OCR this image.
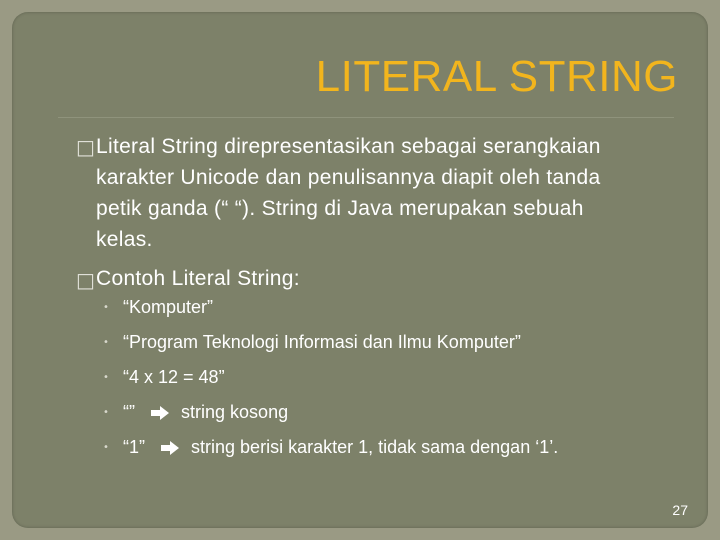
LITERAL STRING
□ Literal String direpresentasikan sebagai serangkaian
karakter Unicode dan penulisannya diapit oleh tanda
petik ganda (“ “). String di Java merupakan sebuah
kelas.
□ Contoh Literal String:
• “Komputer”
• “Program Teknologi Informasi dan Ilmu Komputer”
• “4 x 12 = 48”
• “”	string kosong
• “1”	string berisi karakter 1, tidak sama dengan ‘1’.
27
